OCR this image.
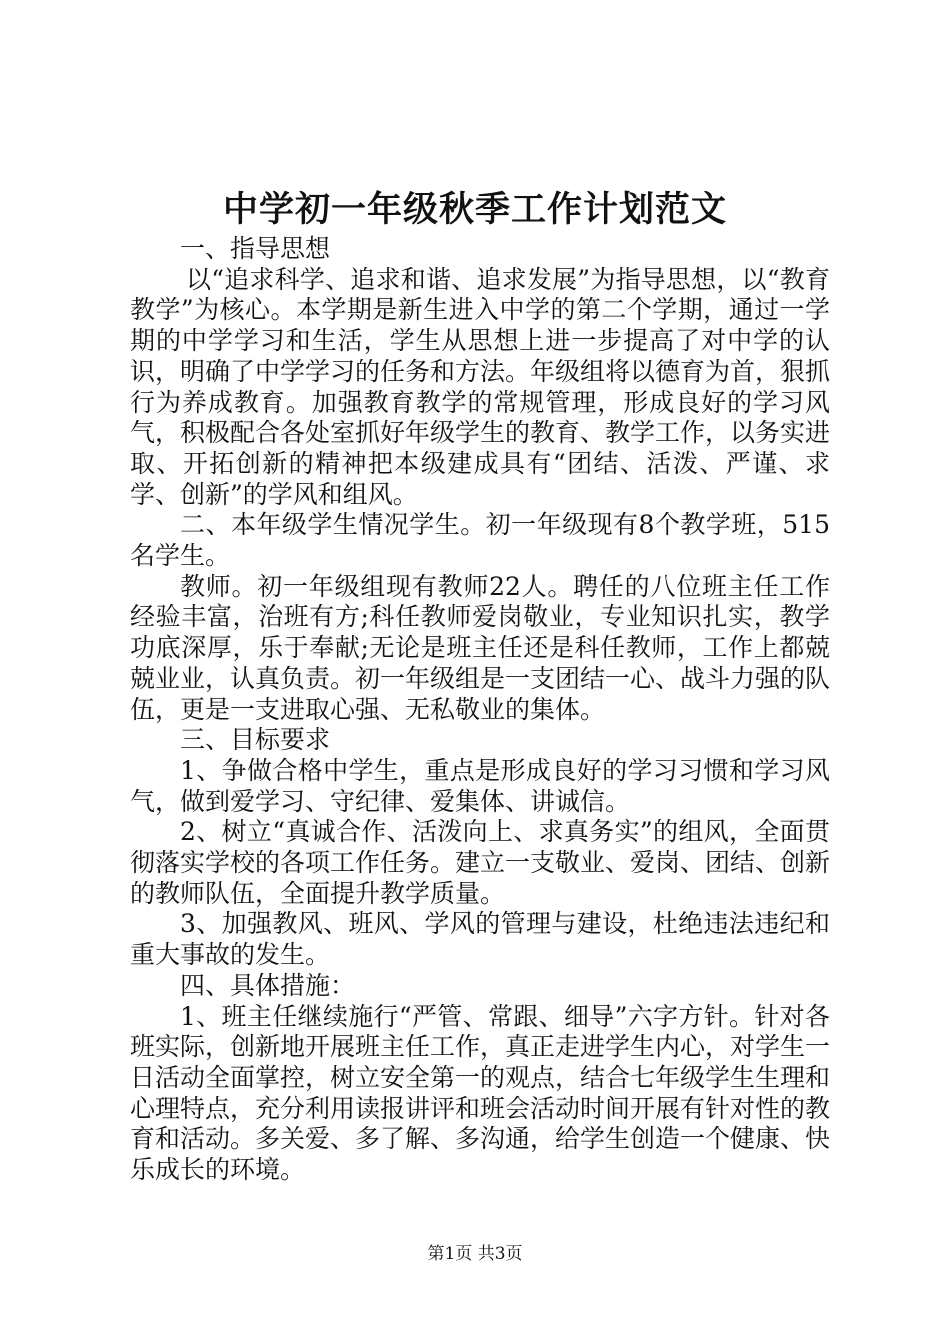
中学初一年级秋季工作计划范文

一、指导思想

以“追求科学、追求和谐、追求发展”为指导思想，以“教育教学”为核心。本学期是新生进入中学的第二个学期，通过一学期的中学学习和生活，学生从思想上进一步提高了对中学的认识，明确了中学学习的任务和方法。年级组将以德育为首，狠抓行为养成教育。加强教育教学的常规管理，形成良好的学习风气，积极配合各处室抓好年级学生的教育、教学工作，以务实进取、开拓创新的精神把本级建成具有“团结、活泼、严谨、求学、创新”的学风和组风。

二、本年级学生情况学生。初一年级现有8个教学班，515名学生。

教师。初一年级组现有教师22人。聘任的八位班主任工作经验丰富，治班有方;科任教师爱岗敬业，专业知识扎实，教学功底深厚，乐于奉献;无论是班主任还是科任教师，工作上都兢兢业业，认真负责。初一年级组是一支团结一心、战斗力强的队伍，更是一支进取心强、无私敬业的集体。

三、目标要求

1、争做合格中学生，重点是形成良好的学习习惯和学习风气，做到爱学习、守纪律、爱集体、讲诚信。

2、树立“真诚合作、活泼向上、求真务实”的组风，全面贯彻落实学校的各项工作任务。建立一支敬业、爱岗、团结、创新的教师队伍，全面提升教学质量。

3、加强教风、班风、学风的管理与建设，杜绝违法违纪和重大事故的发生。

四、具体措施：

1、班主任继续施行“严管、常跟、细导”六字方针。针对各班实际，创新地开展班主任工作，真正走进学生内心，对学生一日活动全面掌控，树立安全第一的观点，结合七年级学生生理和心理特点，充分利用读报讲评和班会活动时间开展有针对性的教育和活动。多关爱、多了解、多沟通，给学生创造一个健康、快乐成长的环境。

第1页 共3页
